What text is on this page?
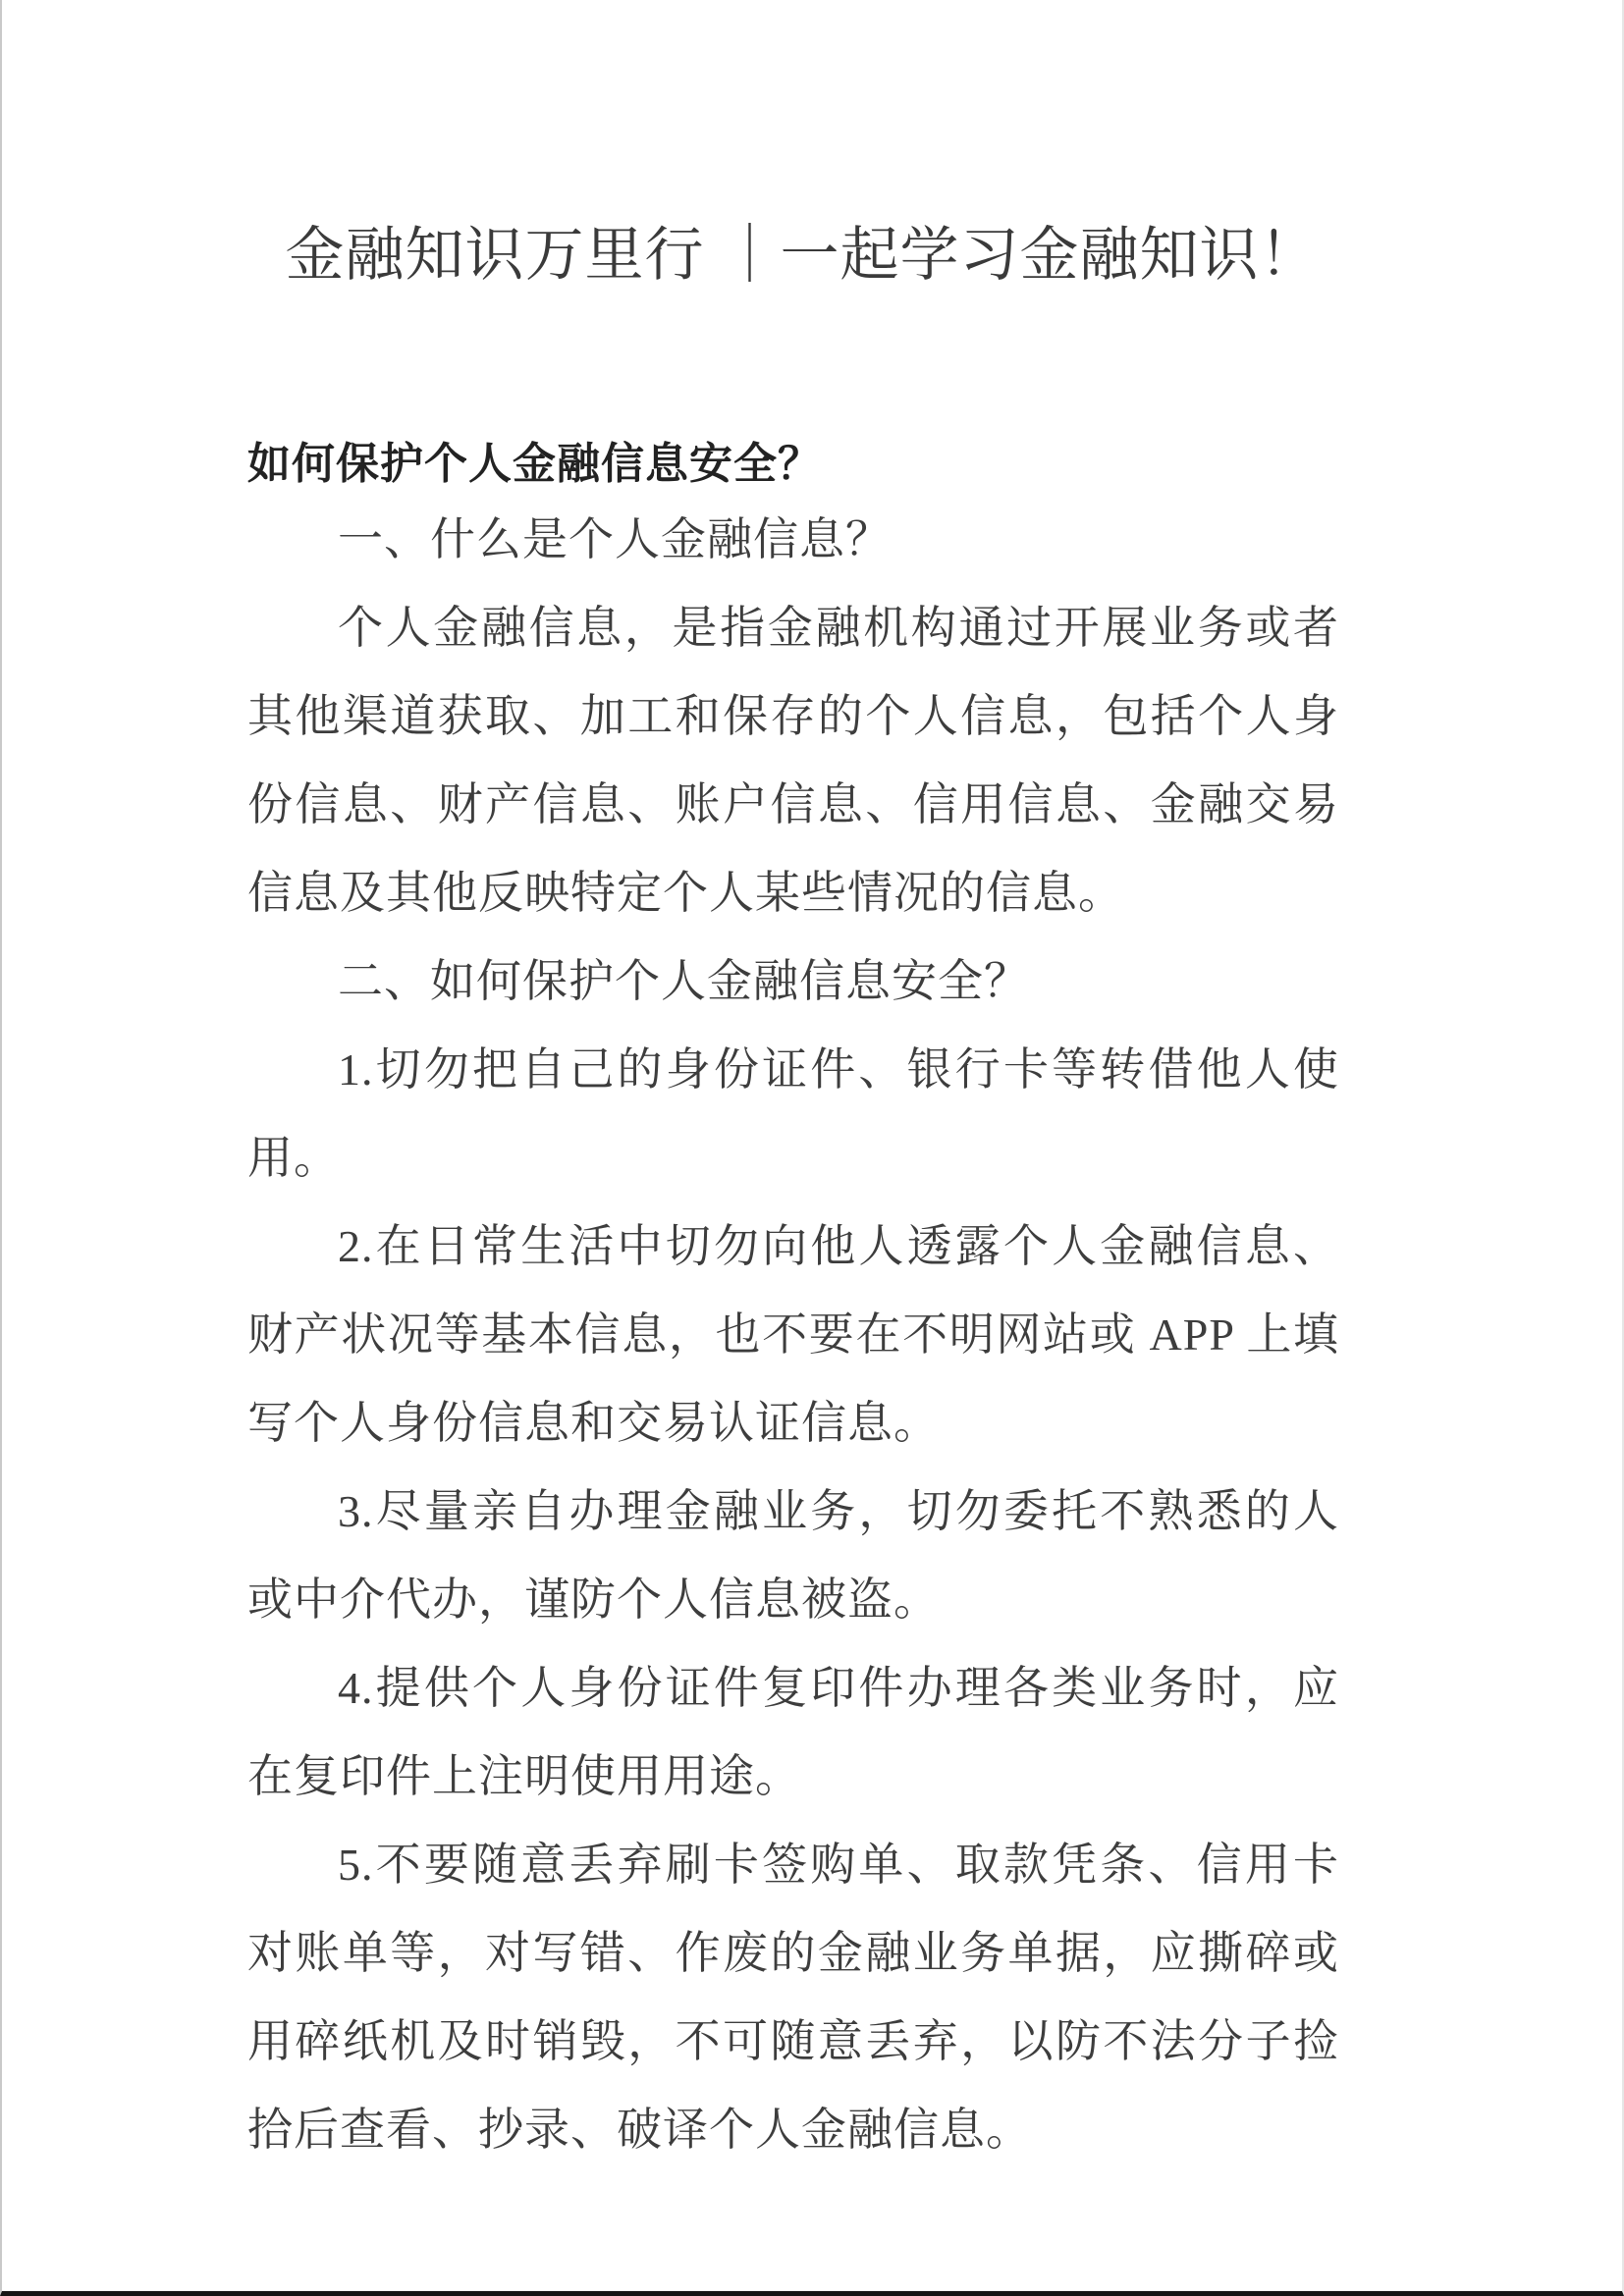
金融知识万里行 ｜一起学习金融知识！
如何保护个人金融信息安全？

一、什么是个人金融信息？

个人金融信息，是指金融机构通过开展业务或者其他渠道获取、加工和保存的个人信息，包括个人身份信息、财产信息、账户信息、信用信息、金融交易信息及其他反映特定个人某些情况的信息。

二、如何保护个人金融信息安全？

1.切勿把自己的身份证件、银行卡等转借他人使用。

2.在日常生活中切勿向他人透露个人金融信息、财产状况等基本信息，也不要在不明网站或 APP 上填写个人身份信息和交易认证信息。

3.尽量亲自办理金融业务，切勿委托不熟悉的人或中介代办，谨防个人信息被盗。

4.提供个人身份证件复印件办理各类业务时，应在复印件上注明使用用途。

5.不要随意丢弃刷卡签购单、取款凭条、信用卡对账单等，对写错、作废的金融业务单据，应撕碎或用碎纸机及时销毁，不可随意丢弃，以防不法分子捡拾后查看、抄录、破译个人金融信息。
